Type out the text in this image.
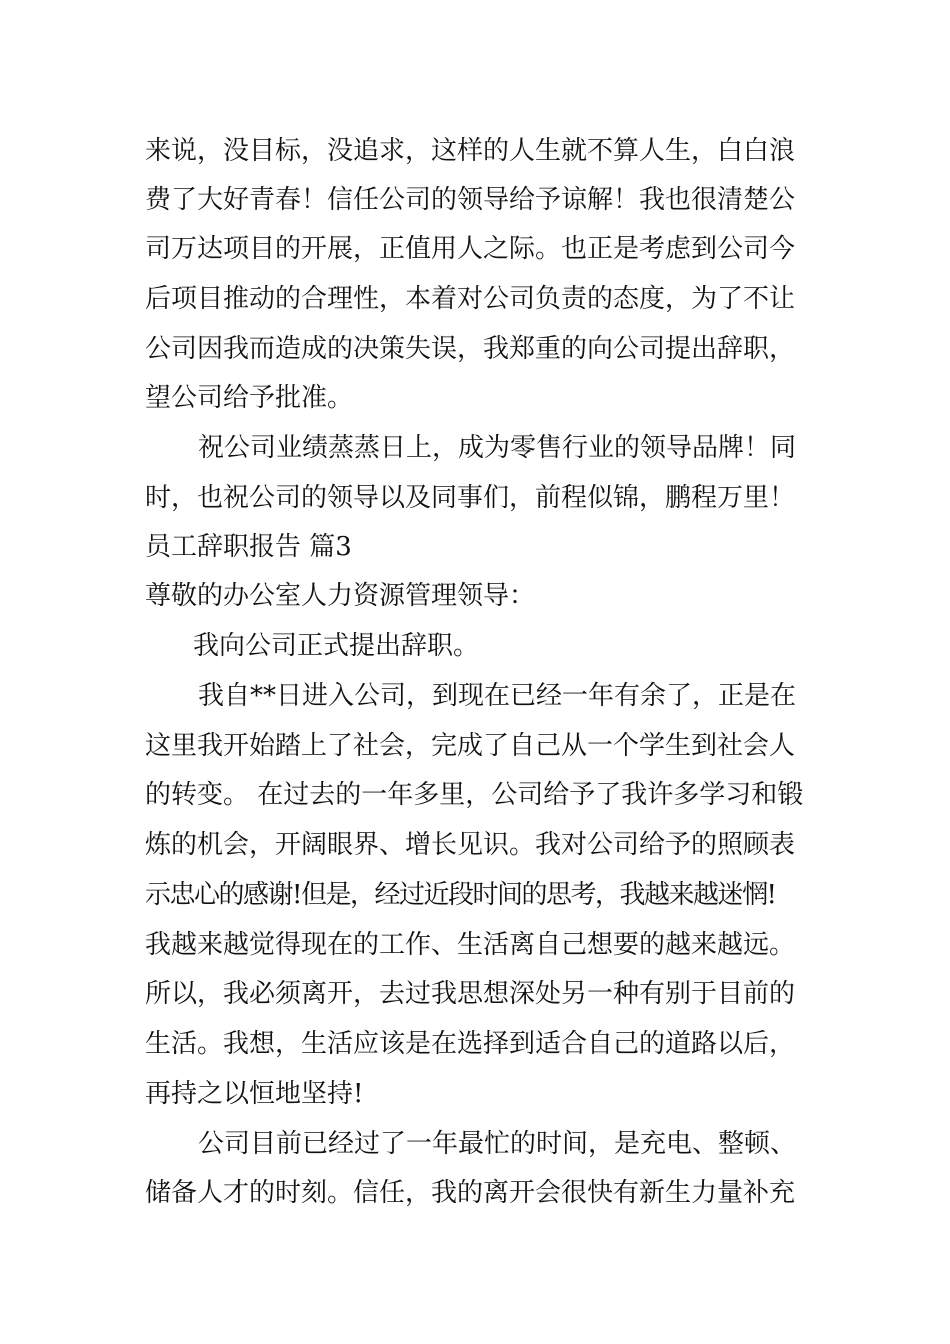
来说，没目标，没追求，这样的人生就不算人生，白白浪
费了大好青春！信任公司的领导给予谅解！我也很清楚公
司万达项目的开展，正值用人之际。也正是考虑到公司今
后项目推动的合理性，本着对公司负责的态度，为了不让
公司因我而造成的决策失误，我郑重的向公司提出辞职，
望公司给予批准。
祝公司业绩蒸蒸日上，成为零售行业的领导品牌！同
时，也祝公司的领导以及同事们，前程似锦，鹏程万里！
员工辞职报告 篇3
尊敬的办公室人力资源管理领导：
我向公司正式提出辞职。
我自**日进入公司，到现在已经一年有余了，正是在
这里我开始踏上了社会，完成了自己从一个学生到社会人
的转变。 在过去的一年多里，公司给予了我许多学习和锻
炼的机会，开阔眼界、增长见识。我对公司给予的照顾表
示忠心的感谢!但是，经过近段时间的思考，我越来越迷惘!
我越来越觉得现在的工作、生活离自己想要的越来越远。
所以，我必须离开，去过我思想深处另一种有别于目前的
生活。我想，生活应该是在选择到适合自己的道路以后，
再持之以恒地坚持!
公司目前已经过了一年最忙的时间，是充电、整顿、
储备人才的时刻。信任，我的离开会很快有新生力量补充
